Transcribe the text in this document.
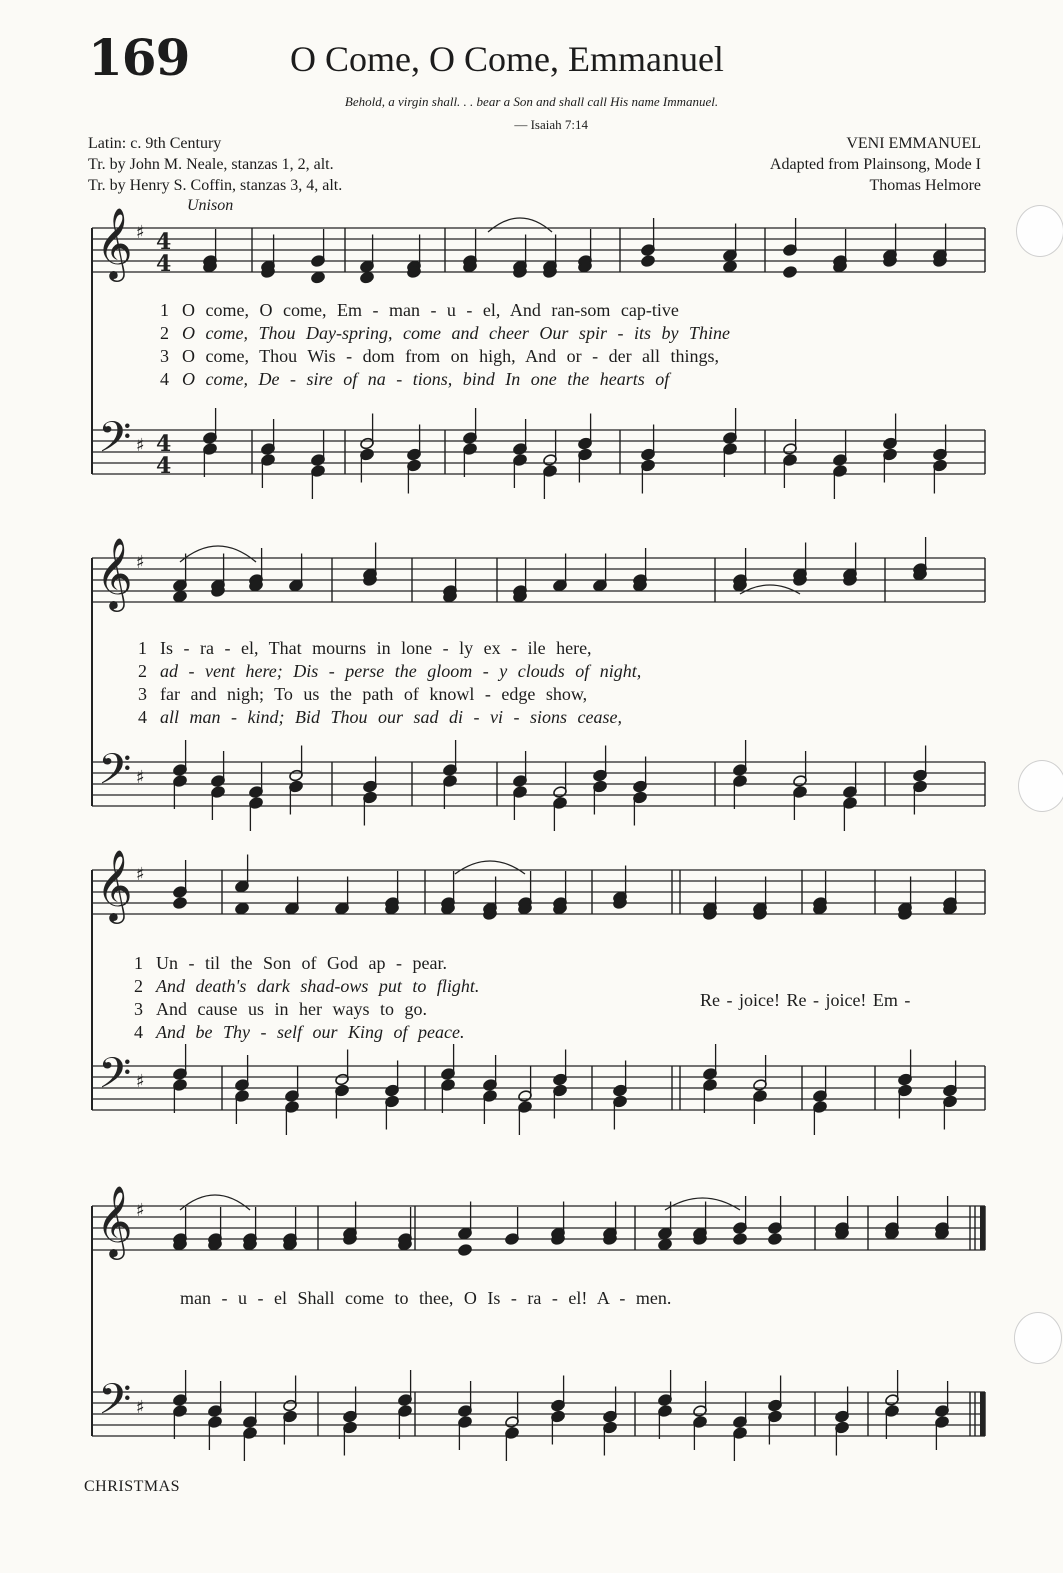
169	O Come, O Come, Emmanuel
Behold, a virgin shall. . . bear a Son and shall call His name Immanuel.
— Isaiah 7:14
Latin: c. 9th Century
Tr. by John M. Neale, stanzas 1, 2, alt.
Tr. by Henry S. Coffin, stanzas 3, 4, alt.
VENI EMMANUEL
Adapted from Plainsong, Mode I
Thomas Helmore
Unison
𝄞
𝄢
♯
♯
4
4
4
4
𝄞
𝄢
♯
♯
𝄞
𝄢
♯
♯
𝄞
𝄢
♯
♯
1 O come, O come, Em - man - u - el, And ran-som cap-tive
2 O come, Thou Day-spring, come and cheer Our spir - its by Thine
3 O come, Thou Wis - dom from on high, And or - der all things,
4 O come, De - sire of na - tions, bind In one the hearts of
1 Is - ra - el, That mourns in lone - ly ex - ile here,
2 ad - vent here; Dis - perse the gloom - y clouds of night,
3 far and nigh; To us the path of knowl - edge show,
4 all man - kind; Bid Thou our sad di - vi - sions cease,
1 Un - til the Son of God ap - pear.
2 And death's dark shad-ows put to flight.
3 And cause us in her ways to go.
4 And be Thy - self our King of peace.
Re - joice! Re - joice! Em -
man - u - el Shall come to thee, O Is - ra - el! A - men.
CHRISTMAS
